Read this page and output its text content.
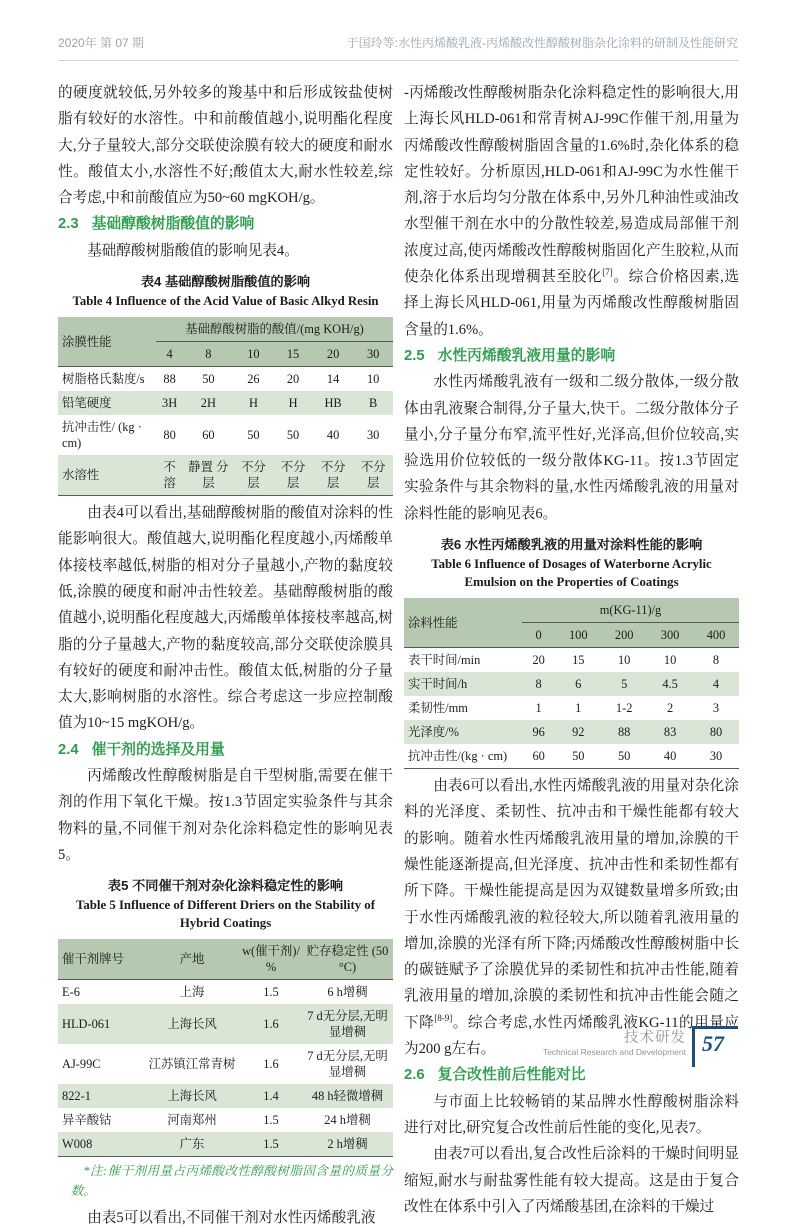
2020年 第 07 期	于国玲等:水性丙烯酸乳液-丙烯酸改性醇酸树脂杂化涂料的研制及性能研究

的硬度就较低,另外较多的羧基中和后形成铵盐使树脂有较好的水溶性。中和前酸值越小,说明酯化程度大,分子量较大,部分交联使涂膜有较大的硬度和耐水性。酸值太小,水溶性不好;酸值太大,耐水性较差,综合考虑,中和前酸值应为50~60 mgKOH/g。

2.3 基础醇酸树脂酸值的影响

基础醇酸树脂酸值的影响见表4。

表4 基础醇酸树脂酸值的影响

Table 4 Influence of the Acid Value of Basic Alkyd Resin

涂膜性能	基础醇酸树脂的酸值/(mg KOH/g)					
	4	8	10	15	20	30
树脂格氏黏度/s	88	50	26	20	14	10
铅笔硬度	3H	2H	H	H	HB	B
抗冲击性/ (kg · cm)	80	60	50	50	40	30
水溶性	不溶	静置 分层	不分 层	不分 层	不分 层	不分 层

由表4可以看出,基础醇酸树脂的酸值对涂料的性能影响很大。酸值越大,说明酯化程度越小,丙烯酸单体接枝率越低,树脂的相对分子量越小,产物的黏度较低,涂膜的硬度和耐冲击性较差。基础醇酸树脂的酸值越小,说明酯化程度越大,丙烯酸单体接枝率越高,树脂的分子量越大,产物的黏度较高,部分交联使涂膜具有较好的硬度和耐冲击性。酸值太低,树脂的分子量太大,影响树脂的水溶性。综合考虑这一步应控制酸值为10~15 mgKOH/g。

2.4 催干剂的选择及用量

丙烯酸改性醇酸树脂是自干型树脂,需要在催干剂的作用下氧化干燥。按1.3节固定实验条件与其余物料的量,不同催干剂对杂化涂料稳定性的影响见表5。

表5 不同催干剂对杂化涂料稳定性的影响

Table 5 Influence of Different Driers on the Stability of Hybrid Coatings

催干剂牌号	产地	w(催干剂)/ %	贮存稳定性 (50 °C)
E-6	上海	1.5	6 h增稠
HLD-061	上海长风	1.6	7 d无分层,无明显增稠
AJ-99C	江苏镇江常青树	1.6	7 d无分层,无明显增稠
822-1	上海长风	1.4	48 h轻微增稠
异辛酸钴	河南郑州	1.5	24 h增稠
W008	广东	1.5	2 h增稠

*注:催干剂用量占丙烯酸改性醇酸树脂固含量的质量分数。

由表5可以看出,不同催干剂对水性丙烯酸乳液

-丙烯酸改性醇酸树脂杂化涂料稳定性的影响很大,用上海长风HLD-061和常青树AJ-99C作催干剂,用量为丙烯酸改性醇酸树脂固含量的1.6%时,杂化体系的稳定性较好。分析原因,HLD-061和AJ-99C为水性催干剂,溶于水后均匀分散在体系中,另外几种油性或油改水型催干剂在水中的分散性较差,易造成局部催干剂浓度过高,使丙烯酸改性醇酸树脂固化产生胶粒,从而使杂化体系出现增稠甚至胶化[7]。综合价格因素,选择上海长风HLD-061,用量为丙烯酸改性醇酸树脂固含量的1.6%。

2.5 水性丙烯酸乳液用量的影响

水性丙烯酸乳液有一级和二级分散体,一级分散体由乳液聚合制得,分子量大,快干。二级分散体分子量小,分子量分布窄,流平性好,光泽高,但价位较高,实验选用价位较低的一级分散体KG-11。按1.3节固定实验条件与其余物料的量,水性丙烯酸乳液的用量对涂料性能的影响见表6。

表6 水性丙烯酸乳液的用量对涂料性能的影响

Table 6 Influence of Dosages of Waterborne Acrylic Emulsion on the Properties of Coatings

涂料性能	m(KG-11)/g				
	0	100	200	300	400
表干时间/min	20	15	10	10	8
实干时间/h	8	6	5	4.5	4
柔韧性/mm	1	1	1-2	2	3
光泽度/%	96	92	88	83	80
抗冲击性/(kg · cm)	60	50	50	40	30

由表6可以看出,水性丙烯酸乳液的用量对杂化涂料的光泽度、柔韧性、抗冲击和干燥性能都有较大的影响。随着水性丙烯酸乳液用量的增加,涂膜的干燥性能逐渐提高,但光泽度、抗冲击性和柔韧性都有所下降。干燥性能提高是因为双键数量增多所致;由于水性丙烯酸乳液的粒径较大,所以随着乳液用量的增加,涂膜的光泽有所下降;丙烯酸改性醇酸树脂中长的碳链赋予了涂膜优异的柔韧性和抗冲击性能,随着乳液用量的增加,涂膜的柔韧性和抗冲击性能会随之下降[8-9]。综合考虑,水性丙烯酸乳液KG-11的用量应为200 g左右。

2.6 复合改性前后性能对比

与市面上比较畅销的某品牌水性醇酸树脂涂料进行对比,研究复合改性前后性能的变化,见表7。

由表7可以看出,复合改性后涂料的干燥时间明显缩短,耐水与耐盐雾性能有较大提高。这是由于复合改性在体系中引入了丙烯酸基团,在涂料的干燥过

技术研发
Technical Research and Development 57
